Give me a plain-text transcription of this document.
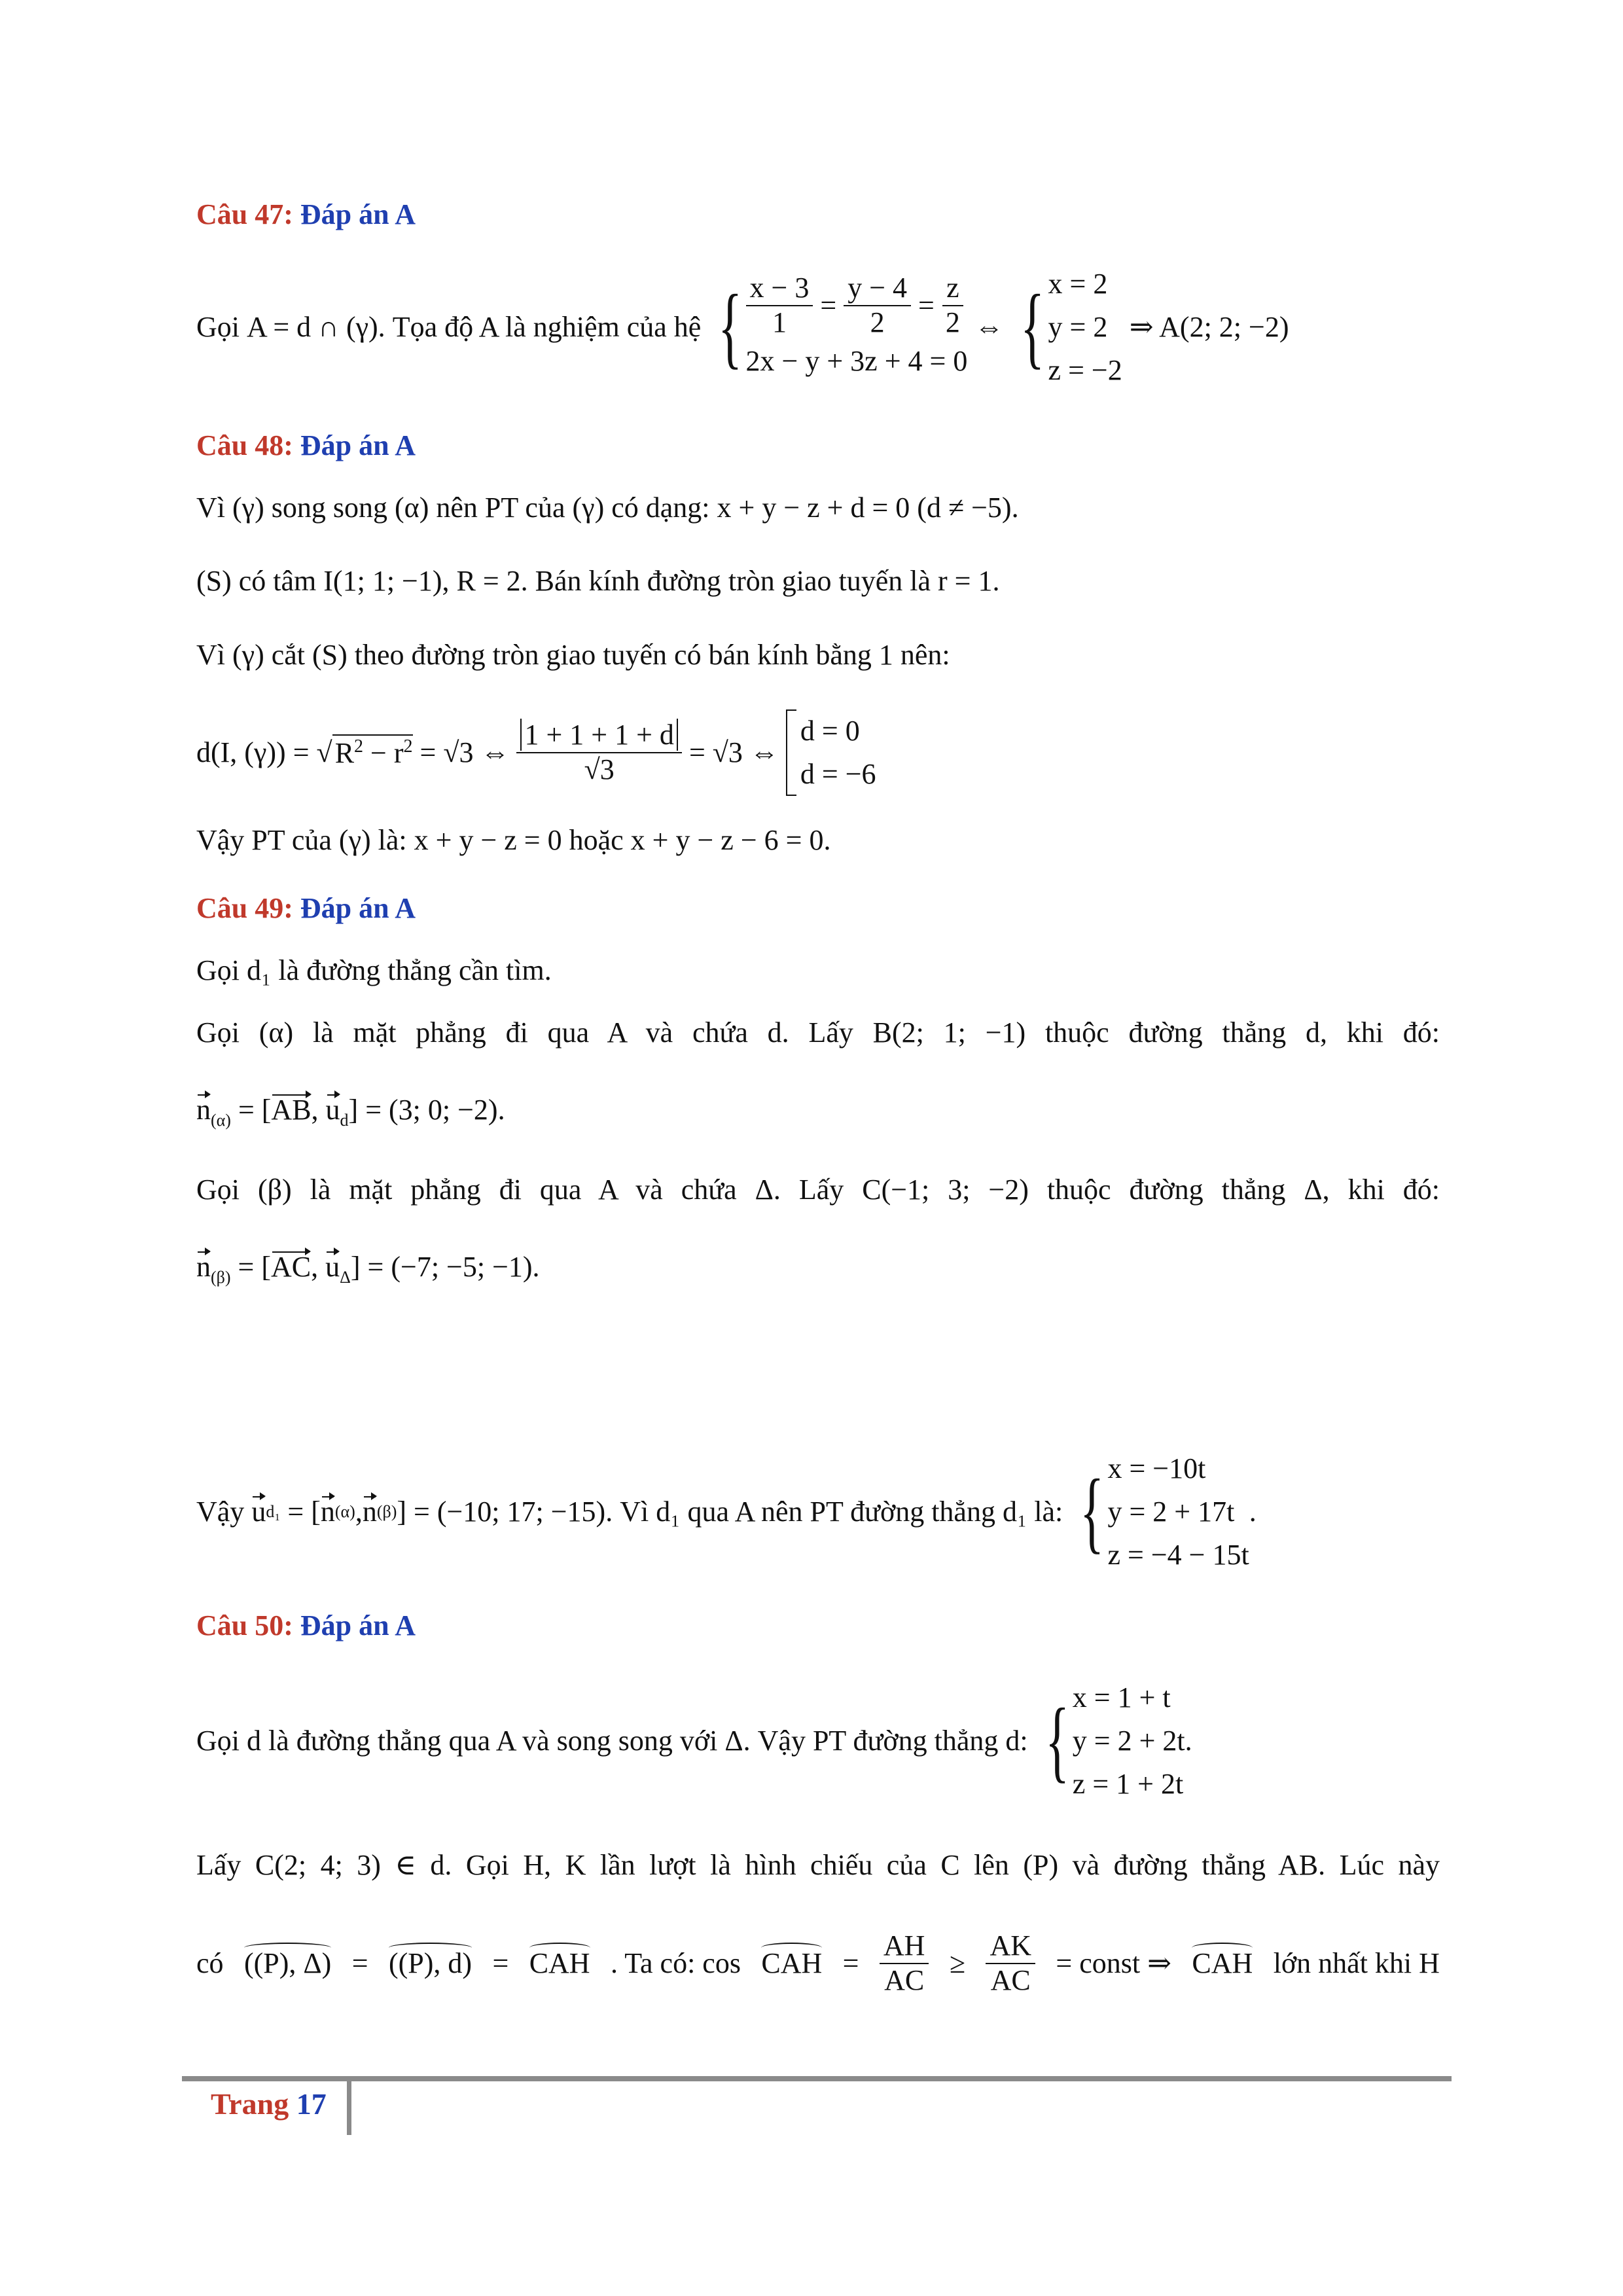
Câu 47: Đáp án A
Gọi
A = d ∩ (γ).
Tọa độ A là nghiệm của hệ
{ $\frac{x - 3}{1} = \frac{y - 4}{2} = \frac{z}{2}$
2x − y + 3z + 4 = 0

⇔
{ x = 2
y = 2
z = −2

⇒ A(2; 2; −2)
Câu 48: Đáp án A
Vì (γ) song song (α) nên PT của (γ) có dạng: x + y − z + d = 0 (d ≠ −5).
(S) có tâm I(1; 1; −1), R = 2. Bán kính đường tròn giao tuyến là r = 1.
Vì (γ) cắt (S) theo đường tròn giao tuyến có bán kính bằng 1 nên:
d(I, (γ)) =
√ $R^2 - r^2$
= √3 ⇔
$\frac{1 + 1 + 1 + d}{√3}$
= √3 ⇔

d = 0
d = −6
Vậy PT của (γ) là: x + y − z = 0 hoặc x + y − z − 6 = 0.
Câu 49: Đáp án A
Gọi d₁ là đường thẳng cần tìm.
Gọi (α) là mặt phẳng đi qua A và chứa d. Lấy B(2; 1; −1) thuộc đường thẳng d, khi đó:
$n_{(\alpha)} = [AB$, $u_d] = (3$; 0; −2).
Gọi (β) là mặt phẳng đi qua A và chứa Δ. Lấy C(−1; 3; −2) thuộc đường thẳng Δ, khi đó:
$n_{(\beta)} = [AC$, $u_\Delta] = (-7$; −5; −1).
Vậy
u d₁ = [ n (α) , n (β) ] = (−10; 17; −15).
Vì d₁ qua A nên PT đường thẳng d₁ là:
{ x = −10t
y = 2 + 17t
z = −4 − 15t
.
Câu 50: Đáp án A
Gọi d là đường thẳng qua A và song song với Δ. Vậy PT đường thẳng d:
{ x = 1 + t
y = 2 + 2t
z = 1 + 2t
.
Lấy C(2; 4; 3) ∈ d. Gọi H, K lần lượt là hình chiếu của C lên (P) và đường thẳng AB. Lúc này
có ((P), Δ) = ((P), d) = CAH . Ta có: cos CAH = $\frac{AH}{AC} \ge \frac{AK}{AC}$ = const ⇒ CAH lớn nhất khi H
Trang 17
